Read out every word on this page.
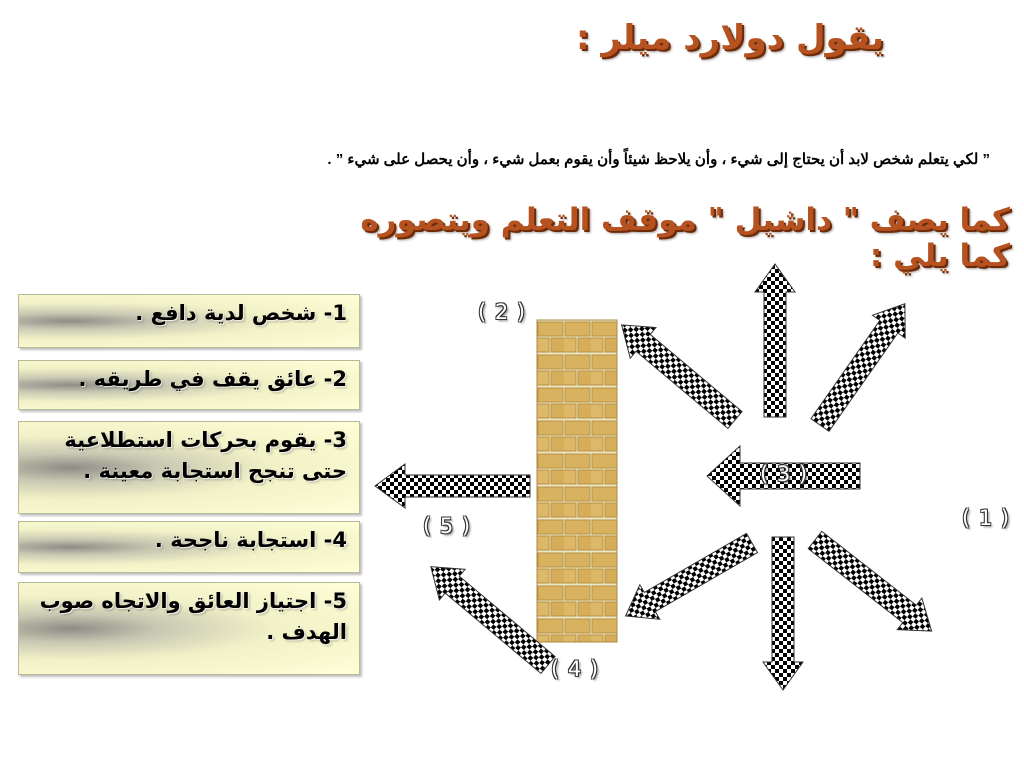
يقول دولارد ميلر :
” لكي يتعلم شخص لابد أن يحتاج إلى شيء ، وأن يلاحظ شيئاً وأن يقوم بعمل شيء ، وأن يحصل على شيء ” .
كما يصف " داشيل " موقف التعلم ويتصوره كما يلي :
1- شخص لدية دافع .
2- عائق يقف في طريقه .
3- يقوم بحركات استطلاعية حتى تنجح استجابة معينة .
4- استجابة ناجحة .
5- اجتياز العائق والاتجاه صوب الهدف .
( 2 )
( 3 )
( 1 )
( 5 )
( 4 )
